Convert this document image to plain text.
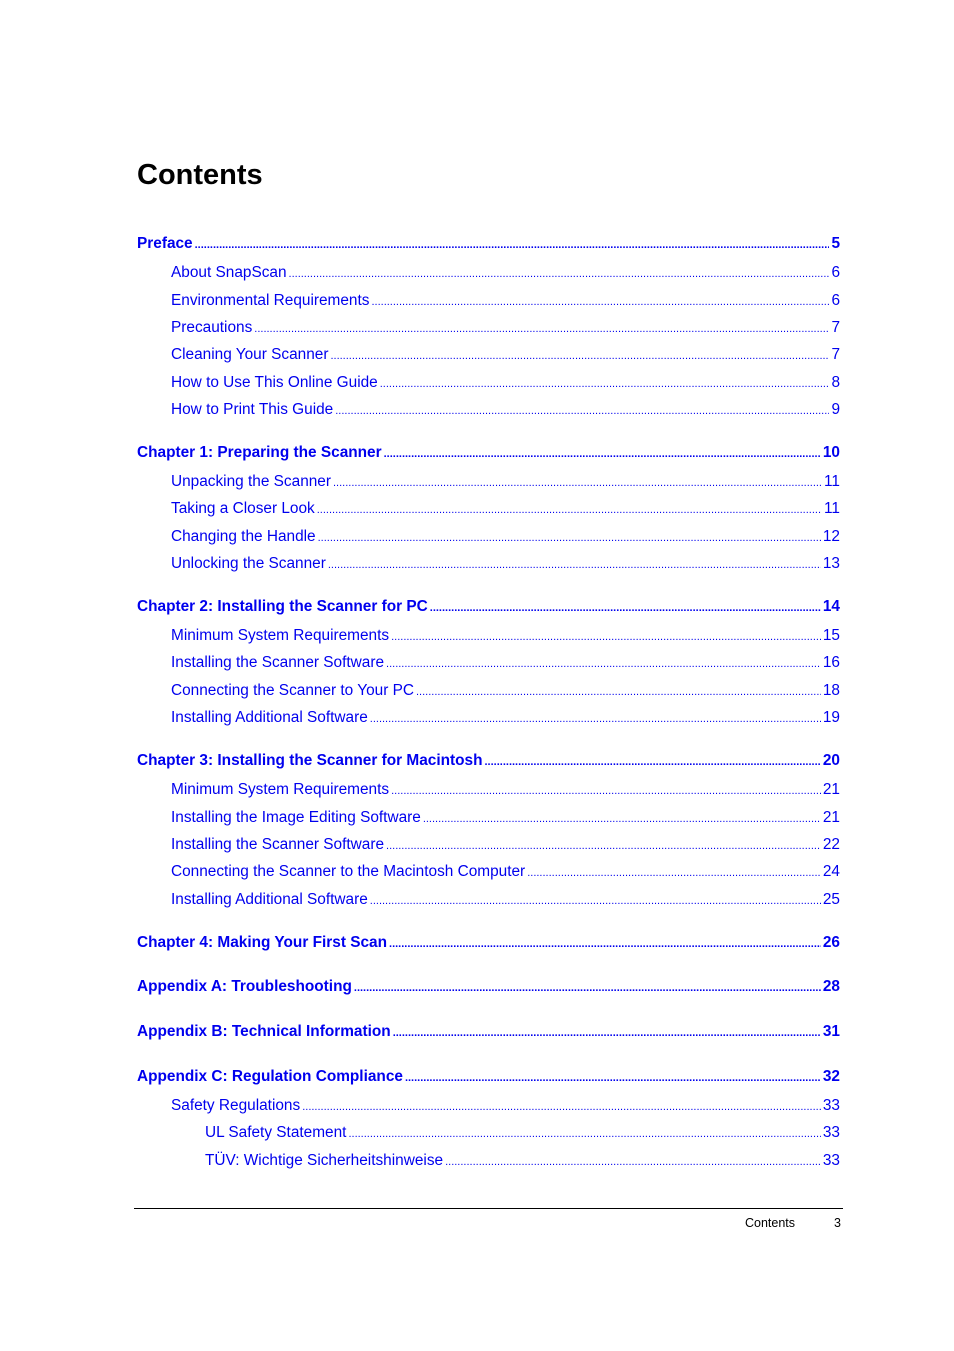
Contents
Preface .....	5
About SnapScan .....	6
Environmental Requirements .....	6
Precautions .....	7
Cleaning Your Scanner .....	7
How to Use This Online Guide .....	8
How to Print This Guide .....	9
Chapter 1: Preparing the Scanner .....	10
Unpacking the Scanner .....	11
Taking a Closer Look .....	11
Changing the Handle .....	12
Unlocking the Scanner .....	13
Chapter 2: Installing the Scanner for PC .....	14
Minimum System Requirements .....	15
Installing the Scanner Software .....	16
Connecting the Scanner to Your PC .....	18
Installing Additional Software .....	19
Chapter 3: Installing the Scanner for Macintosh .....	20
Minimum System Requirements .....	21
Installing the Image Editing Software .....	21
Installing the Scanner Software .....	22
Connecting the Scanner to the Macintosh Computer .....	24
Installing Additional Software .....	25
Chapter 4: Making Your First Scan .....	26
Appendix A: Troubleshooting .....	28
Appendix B: Technical Information .....	31
Appendix C: Regulation Compliance .....	32
Safety Regulations .....	33
UL Safety Statement .....	33
TÜV: Wichtige Sicherheitshinweise .....	33
Contents	3
